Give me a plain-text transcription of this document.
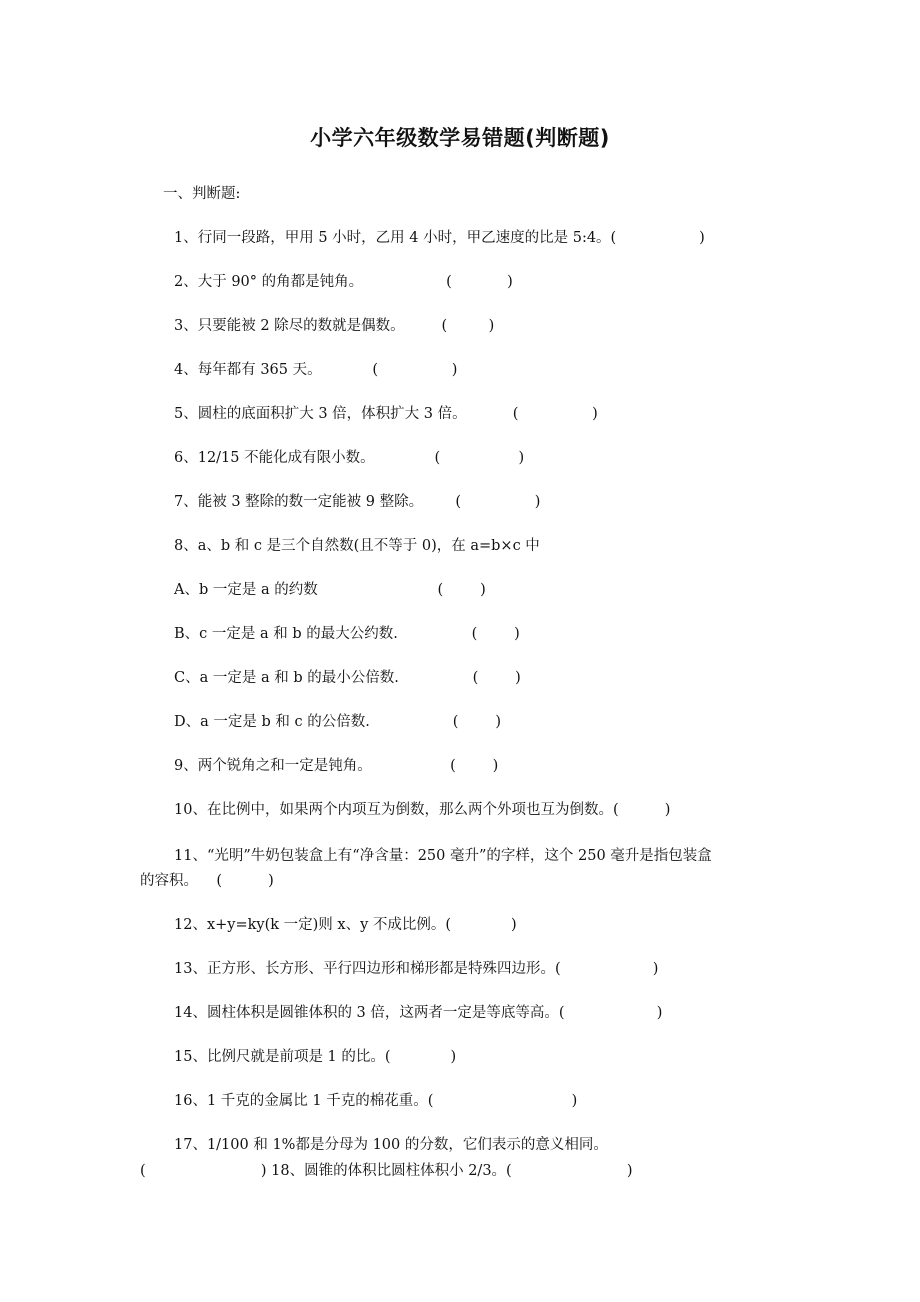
小学六年级数学易错题(判断题)
一、判断题:
1、行同一段路，甲用 5 小时，乙用 4 小时，甲乙速度的比是 5:4。(                  )
2、大于 90° 的角都是钝角。                  (            )
3、只要能被 2 除尽的数就是偶数。        (         )
4、每年都有 365 天。           (                )
5、圆柱的底面积扩大 3 倍，体积扩大 3 倍。          (                )
6、12/15 不能化成有限小数。             (                 )
7、能被 3 整除的数一定能被 9 整除。       (                )
8、a、b 和 c 是三个自然数(且不等于 0)，在 a=b×c 中
A、b 一定是 a 的约数                          (        )
B、c 一定是 a 和 b 的最大公约数.                (        )
C、a 一定是 a 和 b 的最小公倍数.                (        )
D、a 一定是 b 和 c 的公倍数.                  (        )
9、两个锐角之和一定是钝角。                 (        )
10、在比例中，如果两个内项互为倒数，那么两个外项也互为倒数。(          )
11、“光明”牛奶包装盒上有“净含量：250 毫升”的字样，这个 250 毫升是指包装盒
的容积。    (          )
12、x+y=ky(k 一定)则 x、y 不成比例。(             )
13、正方形、长方形、平行四边形和梯形都是特殊四边形。(                    )
14、圆柱体积是圆锥体积的 3 倍，这两者一定是等底等高。(                    )
15、比例尺就是前项是 1 的比。(             )
16、1 千克的金属比 1 千克的棉花重。(                              )
17、1/100 和 1%都是分母为 100 的分数，它们表示的意义相同。
(                         ) 18、圆锥的体积比圆柱体积小 2/3。(                         )
